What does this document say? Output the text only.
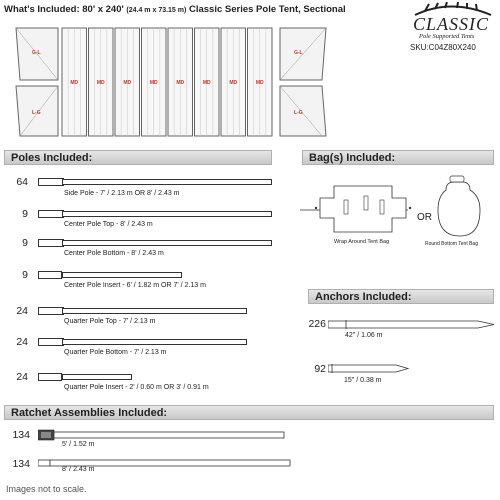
What's Included: 80' x 240' (24.4 m x 73.15 m) Classic Series Pole Tent, Sectional
CLASSIC
Pole Supported Tents
SKU:C04Z80X240
MD	MD	MD	MD	MD	MD	MD	MD
G-L	G-L
L-G	L-G
Poles Included:	Bag(s) Included:
64
Side Pole - 7' / 2.13 m OR 8' / 2.43 m
9
Center Pole Top - 8' / 2.43 m
9
Center Pole Bottom - 8' / 2.43 m
9
Center Pole Insert - 6' / 1.82 m OR 7' / 2.13 m
24
Quarter Pole Top - 7' / 2.13 m
24
Quarter Pole Bottom - 7' / 2.13 m
24
Quarter Pole Insert - 2' / 0.60 m OR 3' / 0.91 m
Wrap Around Tent Bag
OR
Round Bottom Tent Bag
Anchors Included:
226
42" / 1.06 m
92
15" / 0.38 m
Ratchet Assemblies Included:
134
5' / 1.52 m
134	8' / 2.43 m
Images not to scale.
